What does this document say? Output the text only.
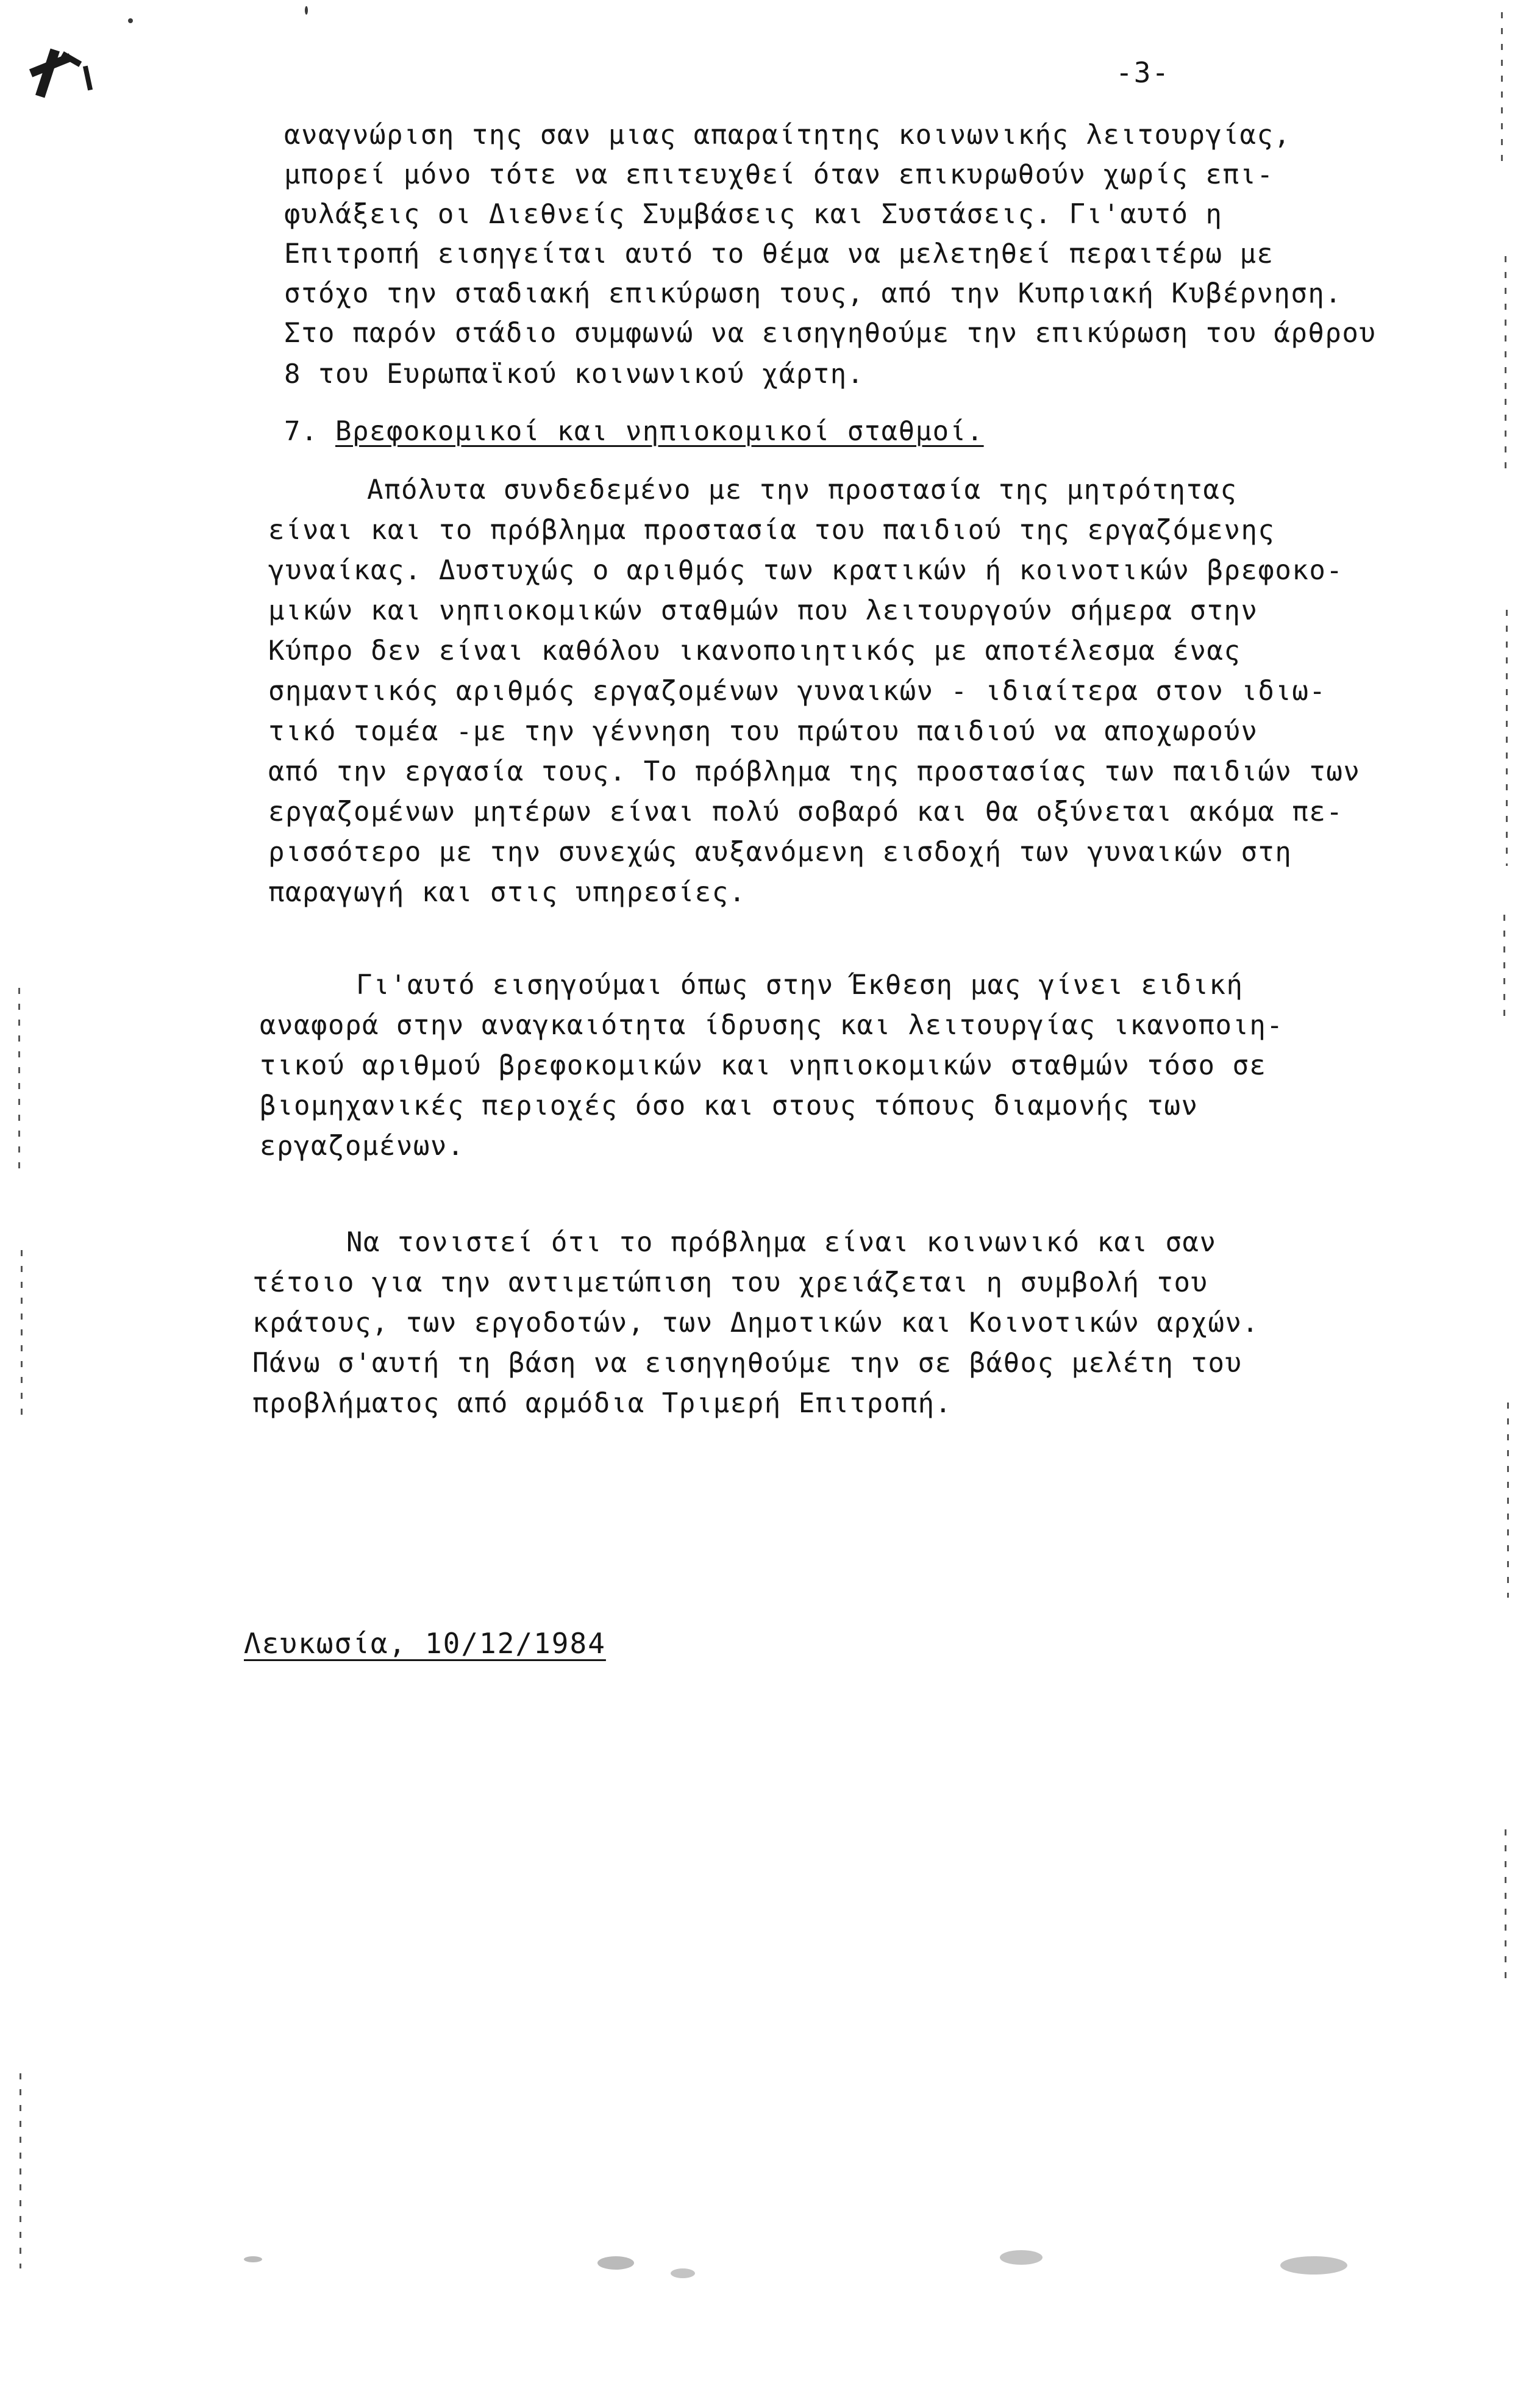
-3-
αναγνώριση της σαν μιας απαραίτητης κοινωνικής λειτουργίας,
μπορεί μόνο τότε να επιτευχθεί όταν επικυρωθούν χωρίς επι-
φυλάξεις οι Διεθνείς Συμβάσεις και Συστάσεις. Γι'αυτό η
Επιτροπή εισηγείται αυτό το θέμα να μελετηθεί περαιτέρω με
στόχο την σταδιακή επικύρωση τους, από την Κυπριακή Κυβέρνηση.
Στο παρόν στάδιο συμφωνώ να εισηγηθούμε την επικύρωση του άρθρου
8 του Ευρωπαϊκού κοινωνικού χάρτη.
7. Βρεφοκομικοί και νηπιοκομικοί σταθμοί.
Απόλυτα συνδεδεμένο με την προστασία της μητρότητας
είναι και το πρόβλημα προστασία του παιδιού της εργαζόμενης
γυναίκας. Δυστυχώς ο αριθμός των κρατικών ή κοινοτικών βρεφοκο-
μικών και νηπιοκομικών σταθμών που λειτουργούν σήμερα στην
Κύπρο δεν είναι καθόλου ικανοποιητικός με αποτέλεσμα ένας
σημαντικός αριθμός εργαζομένων γυναικών - ιδιαίτερα στον ιδιω-
τικό τομέα -με την γέννηση του πρώτου παιδιού να αποχωρούν
από την εργασία τους. Το πρόβλημα της προστασίας των παιδιών των
εργαζομένων μητέρων είναι πολύ σοβαρό και θα οξύνεται ακόμα πε-
ρισσότερο με την συνεχώς αυξανόμενη εισδοχή των γυναικών στη
παραγωγή και στις υπηρεσίες.
Γι'αυτό εισηγούμαι όπως στην Έκθεση μας γίνει ειδική
αναφορά στην αναγκαιότητα ίδρυσης και λειτουργίας ικανοποιη-
τικού αριθμού βρεφοκομικών και νηπιοκομικών σταθμών τόσο σε
βιομηχανικές περιοχές όσο και στους τόπους διαμονής των
εργαζομένων.
Να τονιστεί ότι το πρόβλημα είναι κοινωνικό και σαν
τέτοιο για την αντιμετώπιση του χρειάζεται η συμβολή του
κράτους, των εργοδοτών, των Δημοτικών και Κοινοτικών αρχών.
Πάνω σ'αυτή τη βάση να εισηγηθούμε την σε βάθος μελέτη του
προβλήματος από αρμόδια Τριμερή Επιτροπή.
Λευκωσία, 10/12/1984
